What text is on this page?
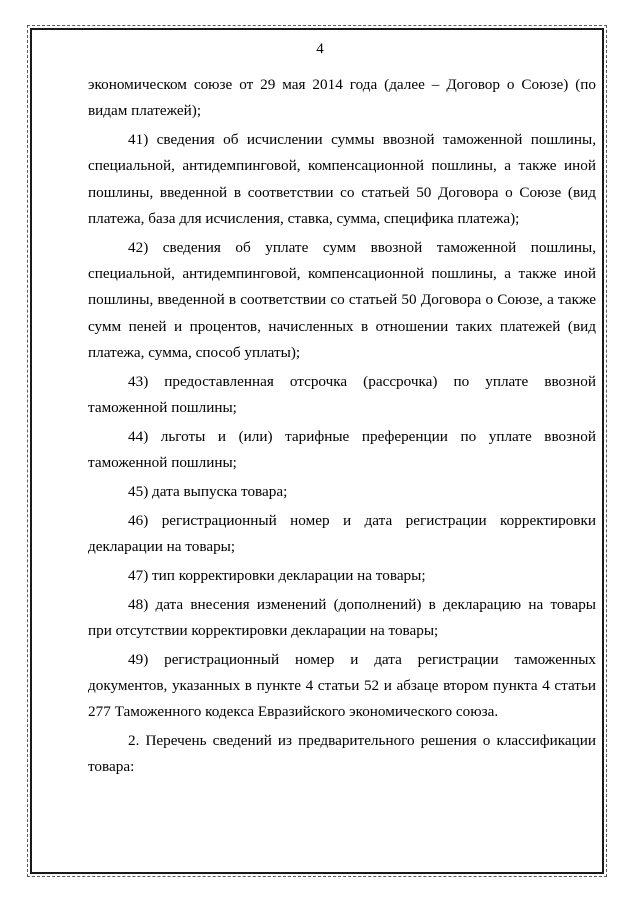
4

экономическом союзе от 29 мая 2014 года (далее – Договор о Союзе) (по видам платежей);

41) сведения об исчислении суммы ввозной таможенной пошлины, специальной, антидемпинговой, компенсационной пошлины, а также иной пошлины, введенной в соответствии со статьей 50 Договора о Союзе (вид платежа, база для исчисления, ставка, сумма, специфика платежа);

42) сведения об уплате сумм ввозной таможенной пошлины, специальной, антидемпинговой, компенсационной пошлины, а также иной пошлины, введенной в соответствии со статьей 50 Договора о Союзе, а также сумм пеней и процентов, начисленных в отношении таких платежей (вид платежа, сумма, способ уплаты);

43) предоставленная отсрочка (рассрочка) по уплате ввозной таможенной пошлины;

44) льготы и (или) тарифные преференции по уплате ввозной таможенной пошлины;

45) дата выпуска товара;

46) регистрационный номер и дата регистрации корректировки декларации на товары;

47) тип корректировки декларации на товары;

48) дата внесения изменений (дополнений) в декларацию на товары при отсутствии корректировки декларации на товары;

49) регистрационный номер и дата регистрации таможенных документов, указанных в пункте 4 статьи 52 и абзаце втором пункта 4 статьи 277 Таможенного кодекса Евразийского экономического союза.

2. Перечень сведений из предварительного решения о классификации товара:
